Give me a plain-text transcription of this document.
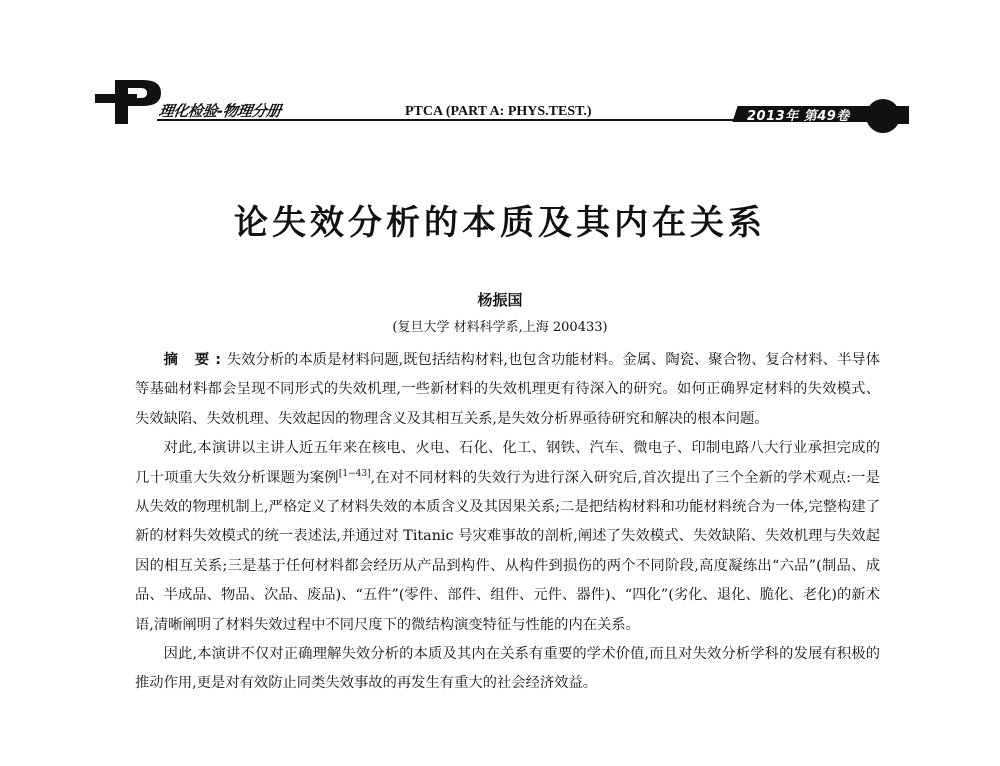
理化检验-物理分册	PTCA (PART A: PHYS.TEST.)	2013年 第49卷
论失效分析的本质及其内在关系
杨振国
(复旦大学 材料科学系,上海 200433)

摘 要:失效分析的本质是材料问题,既包括结构材料,也包含功能材料。金属、陶瓷、聚合物、复合材料、半导体等基础材料都会呈现不同形式的失效机理,一些新材料的失效机理更有待深入的研究。如何正确界定材料的失效模式、失效缺陷、失效机理、失效起因的物理含义及其相互关系,是失效分析界亟待研究和解决的根本问题。

对此,本演讲以主讲人近五年来在核电、火电、石化、化工、钢铁、汽车、微电子、印制电路八大行业承担完成的几十项重大失效分析课题为案例[1−43],在对不同材料的失效行为进行深入研究后,首次提出了三个全新的学术观点:一是从失效的物理机制上,严格定义了材料失效的本质含义及其因果关系;二是把结构材料和功能材料统合为一体,完整构建了新的材料失效模式的统一表述法,并通过对 Titanic 号灾难事故的剖析,阐述了失效模式、失效缺陷、失效机理与失效起因的相互关系;三是基于任何材料都会经历从产品到构件、从构件到损伤的两个不同阶段,高度凝练出“六品”(制品、成品、半成品、物品、次品、废品)、“五件”(零件、部件、组件、元件、器件)、“四化”(劣化、退化、脆化、老化)的新术语,清晰阐明了材料失效过程中不同尺度下的微结构演变特征与性能的内在关系。

因此,本演讲不仅对正确理解失效分析的本质及其内在关系有重要的学术价值,而且对失效分析学科的发展有积极的推动作用,更是对有效防止同类失效事故的再发生有重大的社会经济效益。
